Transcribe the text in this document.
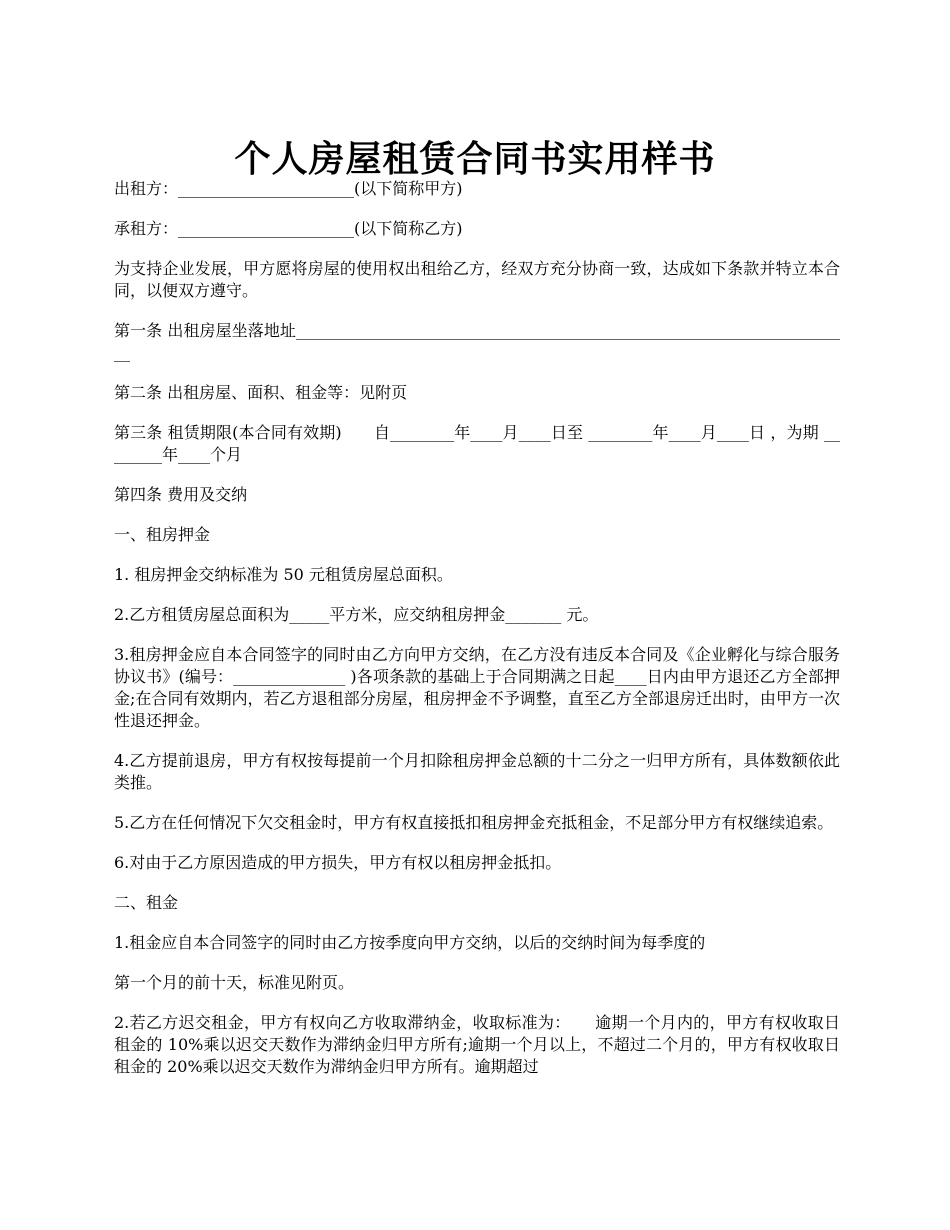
个人房屋租赁合同书实用样书

出租方：______________________(以下简称甲方)

承租方：______________________(以下简称乙方)

为支持企业发展，甲方愿将房屋的使用权出租给乙方，经双方充分协商一致，达成如下条款并特立本合同，以便双方遵守。

第一条 出租房屋坐落地址______________________________________________________________________

第二条 出租房屋、面积、租金等：见附页

第三条 租赁期限(本合同有效期)　　自________年____月____日至 ________年____月____日 ，为期 ________年____个月

第四条 费用及交纳

一、租房押金

1. 租房押金交纳标准为 50 元租赁房屋总面积。

2.乙方租赁房屋总面积为_____平方米，应交纳租房押金_______ 元。

3.租房押金应自本合同签字的同时由乙方向甲方交纳，在乙方没有违反本合同及《企业孵化与综合服务协议书》(编号：______________ )各项条款的基础上于合同期满之日起____日内由甲方退还乙方全部押金;在合同有效期内，若乙方退租部分房屋，租房押金不予调整，直至乙方全部退房迁出时，由甲方一次性退还押金。

4.乙方提前退房，甲方有权按每提前一个月扣除租房押金总额的十二分之一归甲方所有，具体数额依此类推。

5.乙方在任何情况下欠交租金时，甲方有权直接抵扣租房押金充抵租金，不足部分甲方有权继续追索。

6.对由于乙方原因造成的甲方损失，甲方有权以租房押金抵扣。

二、租金

1.租金应自本合同签字的同时由乙方按季度向甲方交纳，以后的交纳时间为每季度的

第一个月的前十天，标准见附页。

2.若乙方迟交租金，甲方有权向乙方收取滞纳金，收取标准为：　　逾期一个月内的，甲方有权收取日租金的 10%乘以迟交天数作为滞纳金归甲方所有;逾期一个月以上，不超过二个月的，甲方有权收取日租金的 20%乘以迟交天数作为滞纳金归甲方所有。逾期超过
